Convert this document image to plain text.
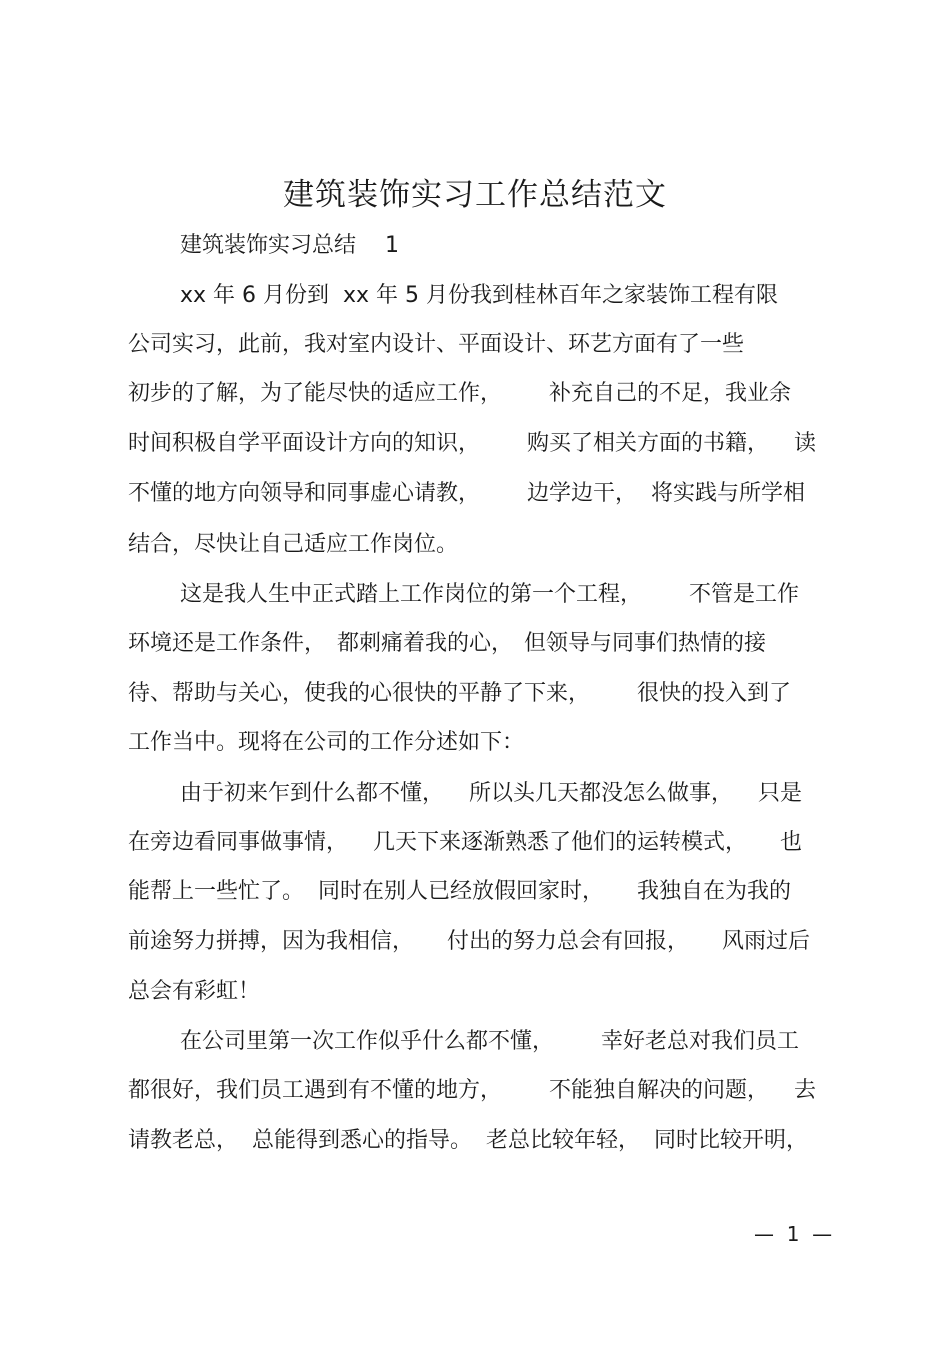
建筑装饰实习工作总结范文
建筑装饰实习总结　 1
xx 年 6 月份到  xx 年 5 月份我到桂林百年之家装饰工程有限
公司实习，此前，我对室内设计、平面设计、环艺方面有了一些
初步的了解，为了能尽快的适应工作，　　  补充自己的不足，我业余
时间积极自学平面设计方向的知识，　　  购买了相关方面的书籍，　  读
不懂的地方向领导和同事虚心请教，　　  边学边干，  将实践与所学相
结合，尽快让自己适应工作岗位。
这是我人生中正式踏上工作岗位的第一个工程，　　  不管是工作
环境还是工作条件，　都刺痛着我的心，　但领导与同事们热情的接
待、帮助与关心，使我的心很快的平静了下来，　　  很快的投入到了
工作当中。现将在公司的工作分述如下：
由于初来乍到什么都不懂，　  所以头几天都没怎么做事，　  只是
在旁边看同事做事情，　  几天下来逐渐熟悉了他们的运转模式，　　也
能帮上一些忙了。  同时在别人已经放假回家时，　　我独自在为我的
前途努力拼搏，因为我相信，　　付出的努力总会有回报，　　风雨过后
总会有彩虹！
在公司里第一次工作似乎什么都不懂，　　  幸好老总对我们员工
都很好，我们员工遇到有不懂的地方，　　  不能独自解决的问题，　  去
请教老总，  总能得到悉心的指导。  老总比较年轻，  同时比较开明，
—  1  —
